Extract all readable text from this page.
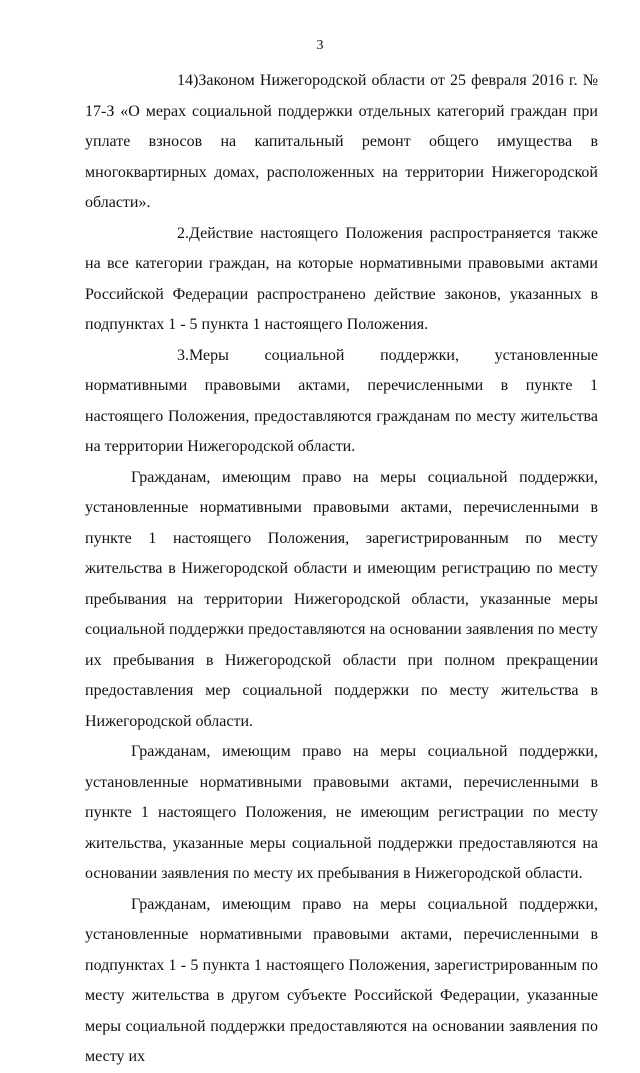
3

14)Законом Нижегородской области от 25 февраля 2016 г. № 17-З «О мерах социальной поддержки отдельных категорий граждан при уплате взносов на капитальный ремонт общего имущества в многоквартирных домах, расположенных на территории Нижегородской области».

2.Действие настоящего Положения распространяется также на все категории граждан, на которые нормативными правовыми актами Российской Федерации распространено действие законов, указанных в подпунктах 1 - 5 пункта 1 настоящего Положения.

3.Меры социальной поддержки, установленные нормативными правовыми актами, перечисленными в пункте 1 настоящего Положения, предоставляются гражданам по месту жительства на территории Нижегородской области.

Гражданам, имеющим право на меры социальной поддержки, установленные нормативными правовыми актами, перечисленными в пункте 1 настоящего Положения, зарегистрированным по месту жительства в Нижегородской области и имеющим регистрацию по месту пребывания на территории Нижегородской области, указанные меры социальной поддержки предоставляются на основании заявления по месту их пребывания в Нижегородской области при полном прекращении предоставления мер социальной поддержки по месту жительства в Нижегородской области.

Гражданам, имеющим право на меры социальной поддержки, установленные нормативными правовыми актами, перечисленными в пункте 1 настоящего Положения, не имеющим регистрации по месту жительства, указанные меры социальной поддержки предоставляются на основании заявления по месту их пребывания в Нижегородской области.

Гражданам, имеющим право на меры социальной поддержки, установленные нормативными правовыми актами, перечисленными в подпунктах 1 - 5 пункта 1 настоящего Положения, зарегистрированным по месту жительства в другом субъекте Российской Федерации, указанные меры социальной поддержки предоставляются на основании заявления по месту их
